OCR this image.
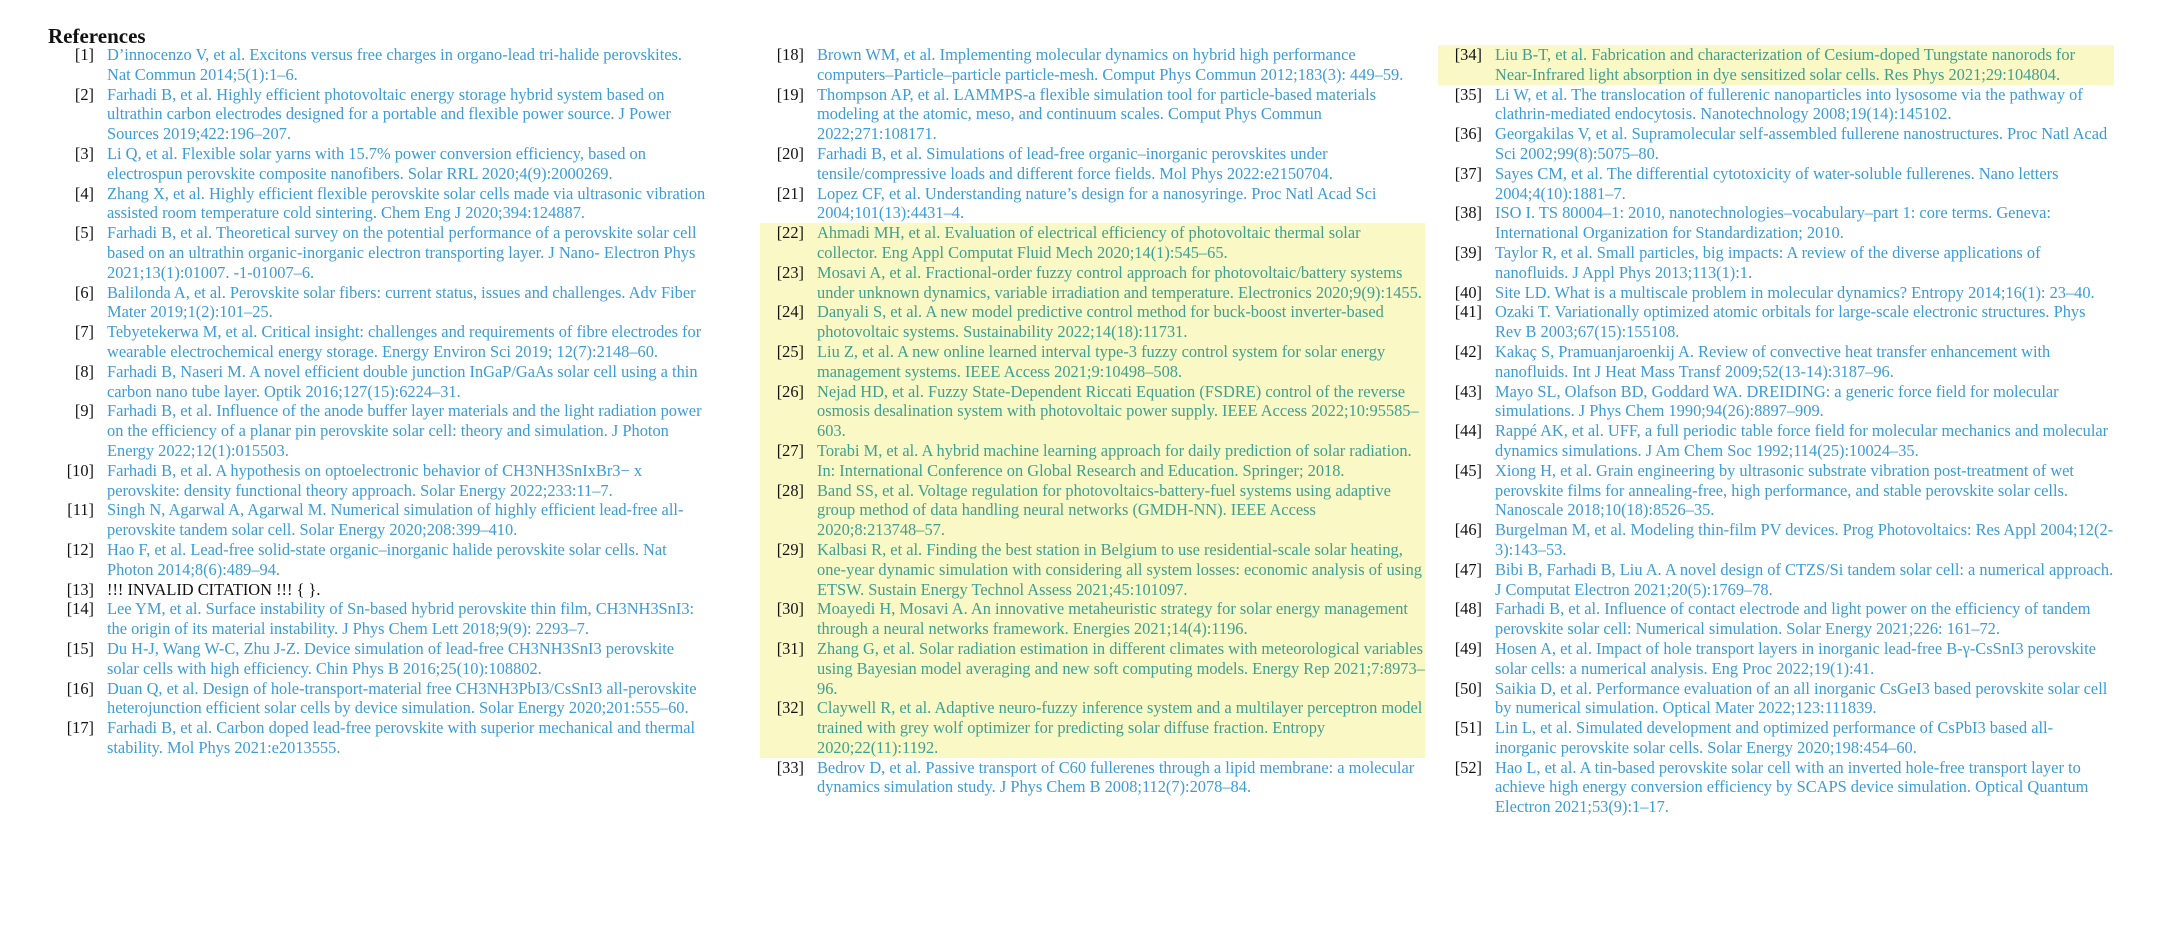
References
[1] D’innocenzo V, et al. Excitons versus free charges in organo-lead tri-halide perovskites. Nat Commun 2014;5(1):1–6.
[2] Farhadi B, et al. Highly efficient photovoltaic energy storage hybrid system based on ultrathin carbon electrodes designed for a portable and flexible power source. J Power Sources 2019;422:196–207.
[3] Li Q, et al. Flexible solar yarns with 15.7% power conversion efficiency, based on electrospun perovskite composite nanofibers. Solar RRL 2020;4(9):2000269.
[4] Zhang X, et al. Highly efficient flexible perovskite solar cells made via ultrasonic vibration assisted room temperature cold sintering. Chem Eng J 2020;394:124887.
[5] Farhadi B, et al. Theoretical survey on the potential performance of a perovskite solar cell based on an ultrathin organic-inorganic electron transporting layer. J Nano- Electron Phys 2021;13(1):01007. -1-01007–6.
[6] Balilonda A, et al. Perovskite solar fibers: current status, issues and challenges. Adv Fiber Mater 2019;1(2):101–25.
[7] Tebyetekerwa M, et al. Critical insight: challenges and requirements of fibre electrodes for wearable electrochemical energy storage. Energy Environ Sci 2019; 12(7):2148–60.
[8] Farhadi B, Naseri M. A novel efficient double junction InGaP/GaAs solar cell using a thin carbon nano tube layer. Optik 2016;127(15):6224–31.
[9] Farhadi B, et al. Influence of the anode buffer layer materials and the light radiation power on the efficiency of a planar pin perovskite solar cell: theory and simulation. J Photon Energy 2022;12(1):015503.
[10] Farhadi B, et al. A hypothesis on optoelectronic behavior of CH3NH3SnIxBr3− x perovskite: density functional theory approach. Solar Energy 2022;233:11–7.
[11] Singh N, Agarwal A, Agarwal M. Numerical simulation of highly efficient lead-free all-perovskite tandem solar cell. Solar Energy 2020;208:399–410.
[12] Hao F, et al. Lead-free solid-state organic–inorganic halide perovskite solar cells. Nat Photon 2014;8(6):489–94.
[13] !!! INVALID CITATION !!! { }.
[14] Lee YM, et al. Surface instability of Sn-based hybrid perovskite thin film, CH3NH3SnI3: the origin of its material instability. J Phys Chem Lett 2018;9(9): 2293–7.
[15] Du H-J, Wang W-C, Zhu J-Z. Device simulation of lead-free CH3NH3SnI3 perovskite solar cells with high efficiency. Chin Phys B 2016;25(10):108802.
[16] Duan Q, et al. Design of hole-transport-material free CH3NH3PbI3/CsSnI3 all-perovskite heterojunction efficient solar cells by device simulation. Solar Energy 2020;201:555–60.
[17] Farhadi B, et al. Carbon doped lead-free perovskite with superior mechanical and thermal stability. Mol Phys 2021:e2013555.
[18] Brown WM, et al. Implementing molecular dynamics on hybrid high performance computers–Particle–particle particle-mesh. Comput Phys Commun 2012;183(3): 449–59.
[19] Thompson AP, et al. LAMMPS-a flexible simulation tool for particle-based materials modeling at the atomic, meso, and continuum scales. Comput Phys Commun 2022;271:108171.
[20] Farhadi B, et al. Simulations of lead-free organic–inorganic perovskites under tensile/compressive loads and different force fields. Mol Phys 2022:e2150704.
[21] Lopez CF, et al. Understanding nature’s design for a nanosyringe. Proc Natl Acad Sci 2004;101(13):4431–4.
[22] Ahmadi MH, et al. Evaluation of electrical efficiency of photovoltaic thermal solar collector. Eng Appl Computat Fluid Mech 2020;14(1):545–65.
[23] Mosavi A, et al. Fractional-order fuzzy control approach for photovoltaic/battery systems under unknown dynamics, variable irradiation and temperature. Electronics 2020;9(9):1455.
[24] Danyali S, et al. A new model predictive control method for buck-boost inverter-based photovoltaic systems. Sustainability 2022;14(18):11731.
[25] Liu Z, et al. A new online learned interval type-3 fuzzy control system for solar energy management systems. IEEE Access 2021;9:10498–508.
[26] Nejad HD, et al. Fuzzy State-Dependent Riccati Equation (FSDRE) control of the reverse osmosis desalination system with photovoltaic power supply. IEEE Access 2022;10:95585–603.
[27] Torabi M, et al. A hybrid machine learning approach for daily prediction of solar radiation. In: International Conference on Global Research and Education. Springer; 2018.
[28] Band SS, et al. Voltage regulation for photovoltaics-battery-fuel systems using adaptive group method of data handling neural networks (GMDH-NN). IEEE Access 2020;8:213748–57.
[29] Kalbasi R, et al. Finding the best station in Belgium to use residential-scale solar heating, one-year dynamic simulation with considering all system losses: economic analysis of using ETSW. Sustain Energy Technol Assess 2021;45:101097.
[30] Moayedi H, Mosavi A. An innovative metaheuristic strategy for solar energy management through a neural networks framework. Energies 2021;14(4):1196.
[31] Zhang G, et al. Solar radiation estimation in different climates with meteorological variables using Bayesian model averaging and new soft computing models. Energy Rep 2021;7:8973–96.
[32] Claywell R, et al. Adaptive neuro-fuzzy inference system and a multilayer perceptron model trained with grey wolf optimizer for predicting solar diffuse fraction. Entropy 2020;22(11):1192.
[33] Bedrov D, et al. Passive transport of C60 fullerenes through a lipid membrane: a molecular dynamics simulation study. J Phys Chem B 2008;112(7):2078–84.
[34] Liu B-T, et al. Fabrication and characterization of Cesium-doped Tungstate nanorods for Near-Infrared light absorption in dye sensitized solar cells. Res Phys 2021;29:104804.
[35] Li W, et al. The translocation of fullerenic nanoparticles into lysosome via the pathway of clathrin-mediated endocytosis. Nanotechnology 2008;19(14):145102.
[36] Georgakilas V, et al. Supramolecular self-assembled fullerene nanostructures. Proc Natl Acad Sci 2002;99(8):5075–80.
[37] Sayes CM, et al. The differential cytotoxicity of water-soluble fullerenes. Nano letters 2004;4(10):1881–7.
[38] ISO I. TS 80004–1: 2010, nanotechnologies–vocabulary–part 1: core terms. Geneva: International Organization for Standardization; 2010.
[39] Taylor R, et al. Small particles, big impacts: A review of the diverse applications of nanofluids. J Appl Phys 2013;113(1):1.
[40] Site LD. What is a multiscale problem in molecular dynamics? Entropy 2014;16(1): 23–40.
[41] Ozaki T. Variationally optimized atomic orbitals for large-scale electronic structures. Phys Rev B 2003;67(15):155108.
[42] Kakaç S, Pramuanjaroenkij A. Review of convective heat transfer enhancement with nanofluids. Int J Heat Mass Transf 2009;52(13-14):3187–96.
[43] Mayo SL, Olafson BD, Goddard WA. DREIDING: a generic force field for molecular simulations. J Phys Chem 1990;94(26):8897–909.
[44] Rappé AK, et al. UFF, a full periodic table force field for molecular mechanics and molecular dynamics simulations. J Am Chem Soc 1992;114(25):10024–35.
[45] Xiong H, et al. Grain engineering by ultrasonic substrate vibration post-treatment of wet perovskite films for annealing-free, high performance, and stable perovskite solar cells. Nanoscale 2018;10(18):8526–35.
[46] Burgelman M, et al. Modeling thin-film PV devices. Prog Photovoltaics: Res Appl 2004;12(2-3):143–53.
[47] Bibi B, Farhadi B, Liu A. A novel design of CTZS/Si tandem solar cell: a numerical approach. J Computat Electron 2021;20(5):1769–78.
[48] Farhadi B, et al. Influence of contact electrode and light power on the efficiency of tandem perovskite solar cell: Numerical simulation. Solar Energy 2021;226: 161–72.
[49] Hosen A, et al. Impact of hole transport layers in inorganic lead-free B-γ-CsSnI3 perovskite solar cells: a numerical analysis. Eng Proc 2022;19(1):41.
[50] Saikia D, et al. Performance evaluation of an all inorganic CsGeI3 based perovskite solar cell by numerical simulation. Optical Mater 2022;123:111839.
[51] Lin L, et al. Simulated development and optimized performance of CsPbI3 based all-inorganic perovskite solar cells. Solar Energy 2020;198:454–60.
[52] Hao L, et al. A tin-based perovskite solar cell with an inverted hole-free transport layer to achieve high energy conversion efficiency by SCAPS device simulation. Optical Quantum Electron 2021;53(9):1–17.
